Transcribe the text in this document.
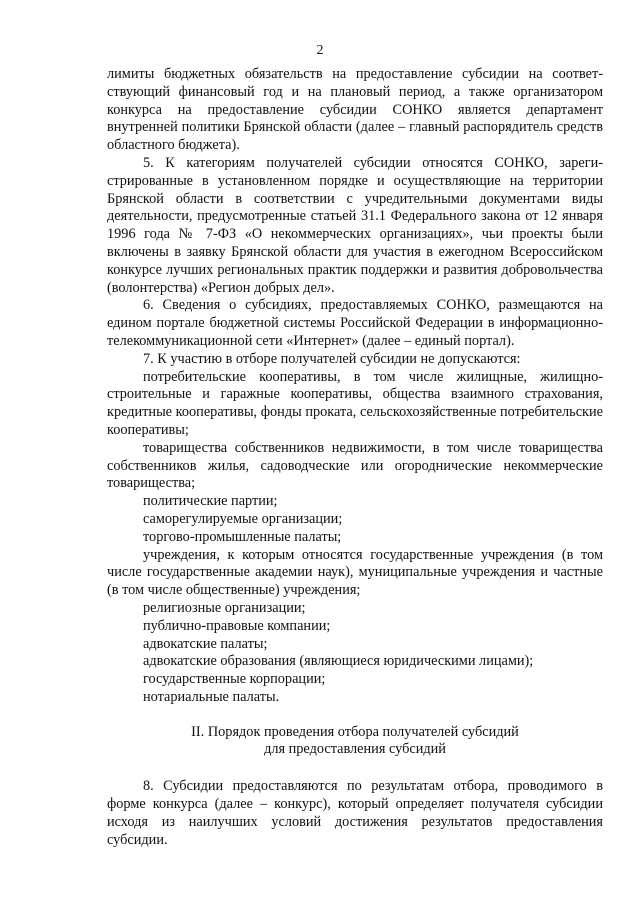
2

лимиты бюджетных обязательств на предоставление субсидии на соответствующий финансовый год и на плановый период, а также организатором конкурса на предоставление субсидии СОНКО является департамент внутренней политики Брянской области (далее – главный распорядитель средств областного бюджета).

5. К категориям получателей субсидии относятся СОНКО, зарегистрированные в установленном порядке и осуществляющие на территории Брянской области в соответствии с учредительными документами виды деятельности, предусмотренные статьей 31.1 Федерального закона от 12 января 1996 года № 7-ФЗ «О некоммерческих организациях», чьи проекты были включены в заявку Брянской области для участия в ежегодном Всероссийском конкурсе лучших региональных практик поддержки и развития добровольчества (волонтерства) «Регион добрых дел».

6. Сведения о субсидиях, предоставляемых СОНКО, размещаются на едином портале бюджетной системы Российской Федерации в информационно-телекоммуникационной сети «Интернет» (далее – единый портал).

7. К участию в отборе получателей субсидии не допускаются:

потребительские кооперативы, в том числе жилищные, жилищно-строительные и гаражные кооперативы, общества взаимного страхования, кредитные кооперативы, фонды проката, сельскохозяйственные потребительские кооперативы;

товарищества собственников недвижимости, в том числе товарищества собственников жилья, садоводческие или огороднические некоммерческие товарищества;

политические партии;

саморегулируемые организации;

торгово-промышленные палаты;

учреждения, к которым относятся государственные учреждения (в том числе государственные академии наук), муниципальные учреждения и частные (в том числе общественные) учреждения;

религиозные организации;

публично-правовые компании;

адвокатские палаты;

адвокатские образования (являющиеся юридическими лицами);

государственные корпорации;

нотариальные палаты.

II. Порядок проведения отбора получателей субсидий
для предоставления субсидий

8. Субсидии предоставляются по результатам отбора, проводимого в форме конкурса (далее – конкурс), который определяет получателя субсидии исходя из наилучших условий достижения результатов предоставления субсидии.
